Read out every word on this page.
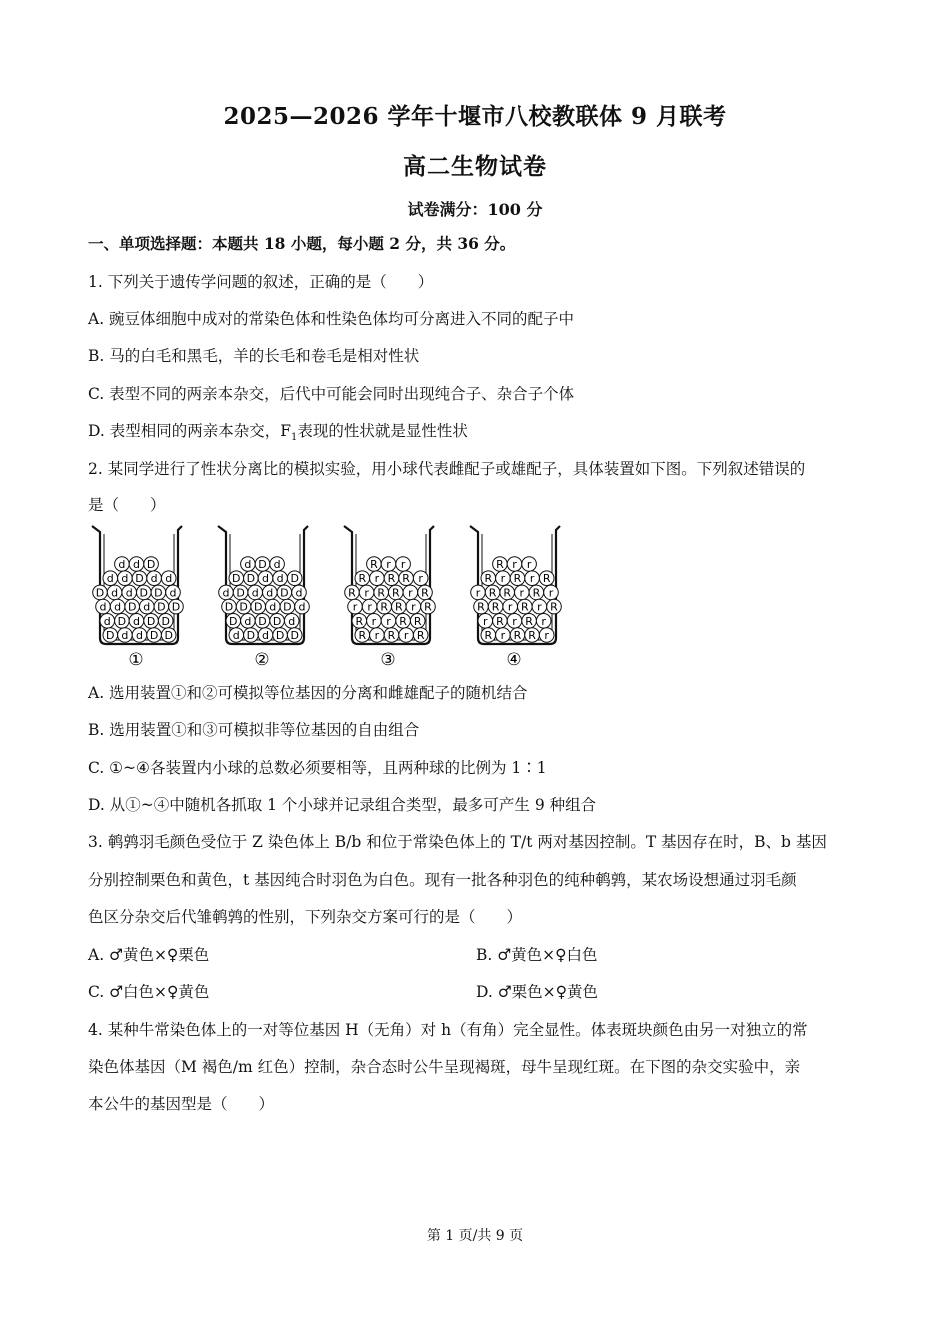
2025—2026 学年十堰市八校教联体 9 月联考
高二生物试卷
试卷满分：100 分
一、单项选择题：本题共 18 小题，每小题 2 分，共 36 分。
1. 下列关于遗传学问题的叙述，正确的是（　　）
A. 豌豆体细胞中成对的常染色体和性染色体均可分离进入不同的配子中
B. 马的白毛和黑毛，羊的长毛和卷毛是相对性状
C. 表型不同的两亲本杂交，后代中可能会同时出现纯合子、杂合子个体
D. 表型相同的两亲本杂交，$F_1$表现的性状就是显性性状
2. 某同学进行了性状分离比的模拟实验，用小球代表雌配子或雄配子，具体装置如下图。下列叙述错误的
是（　　）
d d D
d d D d d
D d d D D d
d d D d D D
d D d D D
D d d D D
①
d D d
D D d d D
d D d d D d
D D D d D d
D d D D d
d D d D D
②
R r r
R r R R r
R r R R r R
r r R R r R
R r r R R
R r R r R
③
R r r
R r R r R
r R R r R r
R R r R r R
r R r R r
R r R R r
④
A. 选用装置①和②可模拟等位基因的分离和雌雄配子的随机结合
B. 选用装置①和③可模拟非等位基因的自由组合
C. ①~④各装置内小球的总数必须要相等，且两种球的比例为 1∶1
D. 从①~④中随机各抓取 1 个小球并记录组合类型，最多可产生 9 种组合
3. 鹌鹑羽毛颜色受位于 Z 染色体上 B/b 和位于常染色体上的 T/t 两对基因控制。T 基因存在时，B、b 基因
分别控制栗色和黄色，t 基因纯合时羽色为白色。现有一批各种羽色的纯种鹌鹑，某农场设想通过羽毛颜
色区分杂交后代雏鹌鹑的性别，下列杂交方案可行的是（　　）
A. ♂黄色×♀栗色	B. ♂黄色×♀白色
C. ♂白色×♀黄色	D. ♂栗色×♀黄色
4. 某种牛常染色体上的一对等位基因 H（无角）对 h（有角）完全显性。体表斑块颜色由另一对独立的常
染色体基因（M 褐色/m 红色）控制，杂合态时公牛呈现褐斑，母牛呈现红斑。在下图的杂交实验中，亲
本公牛的基因型是（　　）
第 1 页/共 9 页
